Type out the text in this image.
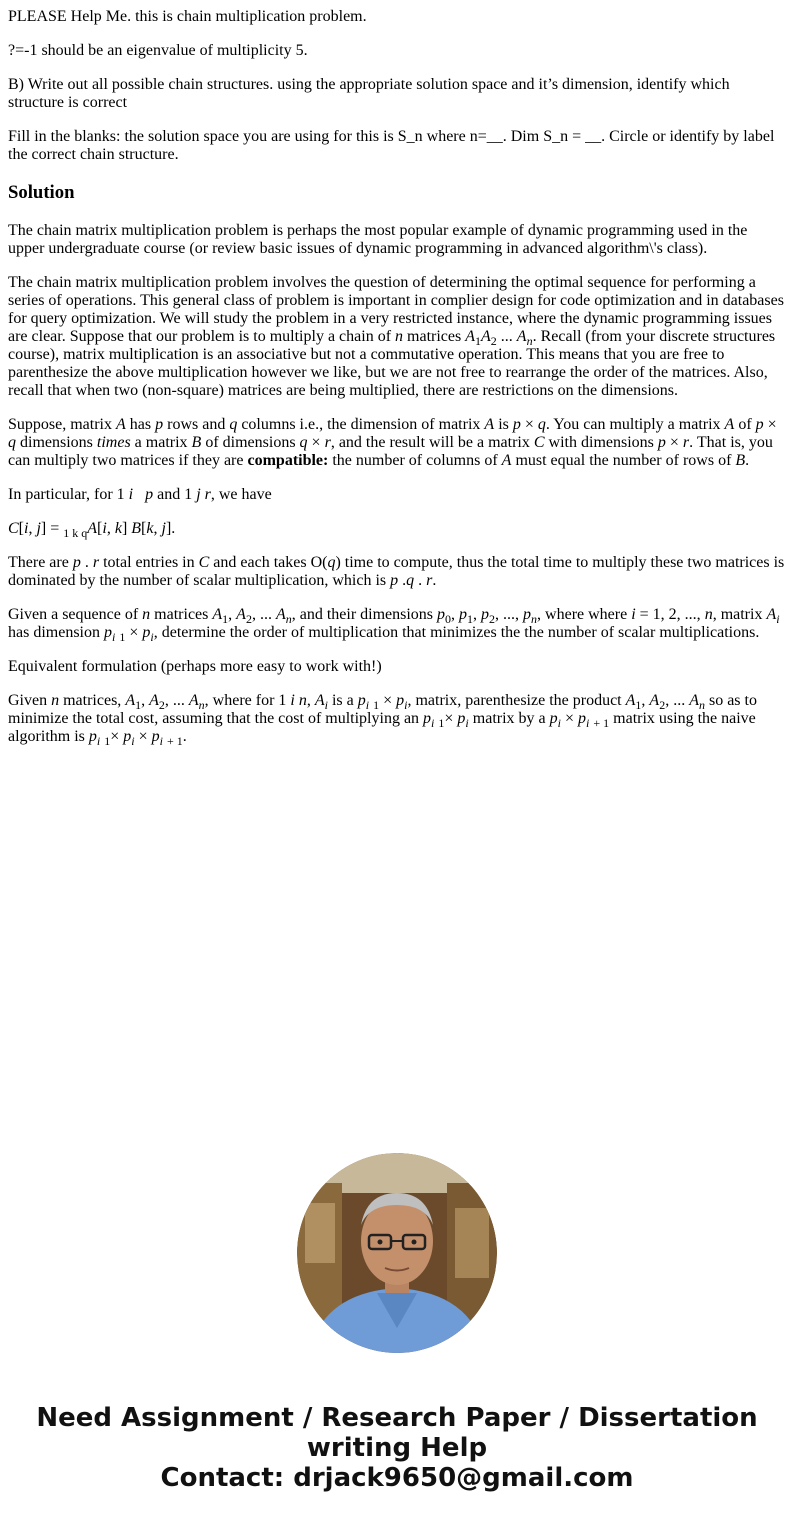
PLEASE Help Me. this is chain multiplication problem.

?=-1 should be an eigenvalue of multiplicity 5.

B) Write out all possible chain structures. using the appropriate solution space and it’s dimension, identify which structure is correct

Fill in the blanks: the solution space you are using for this is S_n where n=__. Dim S_n = __. Circle or identify by label the correct chain structure.

Solution

The chain matrix multiplication problem is perhaps the most popular example of dynamic programming used in the upper undergraduate course (or review basic issues of dynamic programming in advanced algorithm\'s class).

The chain matrix multiplication problem involves the question of determining the optimal sequence for performing a series of operations. This general class of problem is important in complier design for code optimization and in databases for query optimization. We will study the problem in a very restricted instance, where the dynamic programming issues are clear. Suppose that our problem is to multiply a chain of n matrices $A_1A_2$ ... $A_n$. Recall (from your discrete structures course), matrix multiplication is an associative but not a commutative operation. This means that you are free to parenthesize the above multiplication however we like, but we are not free to rearrange the order of the matrices. Also, recall that when two (non-square) matrices are being multiplied, there are restrictions on the dimensions.

Suppose, matrix A has p rows and q columns i.e., the dimension of matrix A is p × q. You can multiply a matrix A of p × q dimensions times a matrix B of dimensions q × r, and the result will be a matrix C with dimensions p × r. That is, you can multiply two matrices if they are compatible: the number of columns of A must equal the number of rows of B.

In particular, for 1 i p and 1 j r, we have

C[i, j] = $_{1 k q}$A[i, k] B[k, j].

There are p . r total entries in C and each takes O(q) time to compute, thus the total time to multiply these two matrices is dominated by the number of scalar multiplication, which is p .q . r.

Given a sequence of n matrices $A_1$, $A_2$, ... $A_n$, and their dimensions $p_0$, $p_1$, $p_2$, ..., $p_n$, where where i = 1, 2, ..., n, matrix $A_i$ has dimension $p_i$ $_1 \times p_i$, determine the order of multiplication that minimizes the the number of scalar multiplications.

Equivalent formulation (perhaps more easy to work with!)

Given n matrices, $A_1$, $A_2$, ... $A_n$, where for 1 i n, $A_i$ is a $p_i$ $_1 \times p_i$, matrix, parenthesize the product $A_1$, $A_2$, ... $A_n$ so as to minimize the total cost, assuming that the cost of multiplying an $p_i$ $_1\times p_i$ matrix by a $p_i \times p_i$ $_{+ 1}$ matrix using the naive algorithm is $p_i$ $_1\times p_i \times p_i$ $_{+ 1}$.

Need Assignment / Research Paper / Dissertation
writing Help
Contact: drjack9650@gmail.com
